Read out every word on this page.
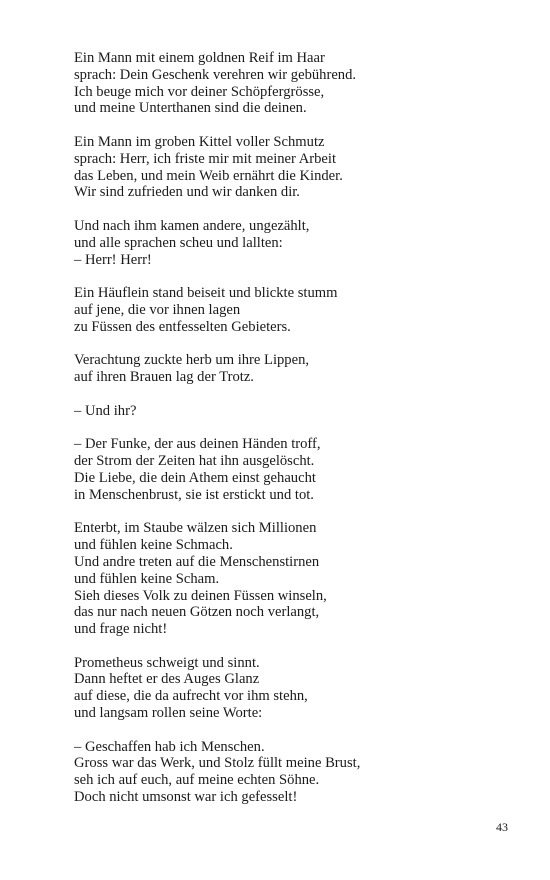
Ein Mann mit einem goldnen Reif im Haar
sprach: Dein Geschenk verehren wir gebührend.
Ich beuge mich vor deiner Schöpfergrösse,
und meine Unterthanen sind die deinen.
Ein Mann im groben Kittel voller Schmutz
sprach: Herr, ich friste mir mit meiner Arbeit
das Leben, und mein Weib ernährt die Kinder.
Wir sind zufrieden und wir danken dir.
Und nach ihm kamen andere, ungezählt,
und alle sprachen scheu und lallten:
– Herr! Herr!
Ein Häuflein stand beiseit und blickte stumm
auf jene, die vor ihnen lagen
zu Füssen des entfesselten Gebieters.
Verachtung zuckte herb um ihre Lippen,
auf ihren Brauen lag der Trotz.
– Und ihr?
– Der Funke, der aus deinen Händen troff,
der Strom der Zeiten hat ihn ausgelöscht.
Die Liebe, die dein Athem einst gehaucht
in Menschenbrust, sie ist erstickt und tot.
Enterbt, im Staube wälzen sich Millionen
und fühlen keine Schmach.
Und andre treten auf die Menschenstirnen
und fühlen keine Scham.
Sieh dieses Volk zu deinen Füssen winseln,
das nur nach neuen Götzen noch verlangt,
und frage nicht!
Prometheus schweigt und sinnt.
Dann heftet er des Auges Glanz
auf diese, die da aufrecht vor ihm stehn,
und langsam rollen seine Worte:
– Geschaffen hab ich Menschen.
Gross war das Werk, und Stolz füllt meine Brust,
seh ich auf euch, auf meine echten Söhne.
Doch nicht umsonst war ich gefesselt!
43
